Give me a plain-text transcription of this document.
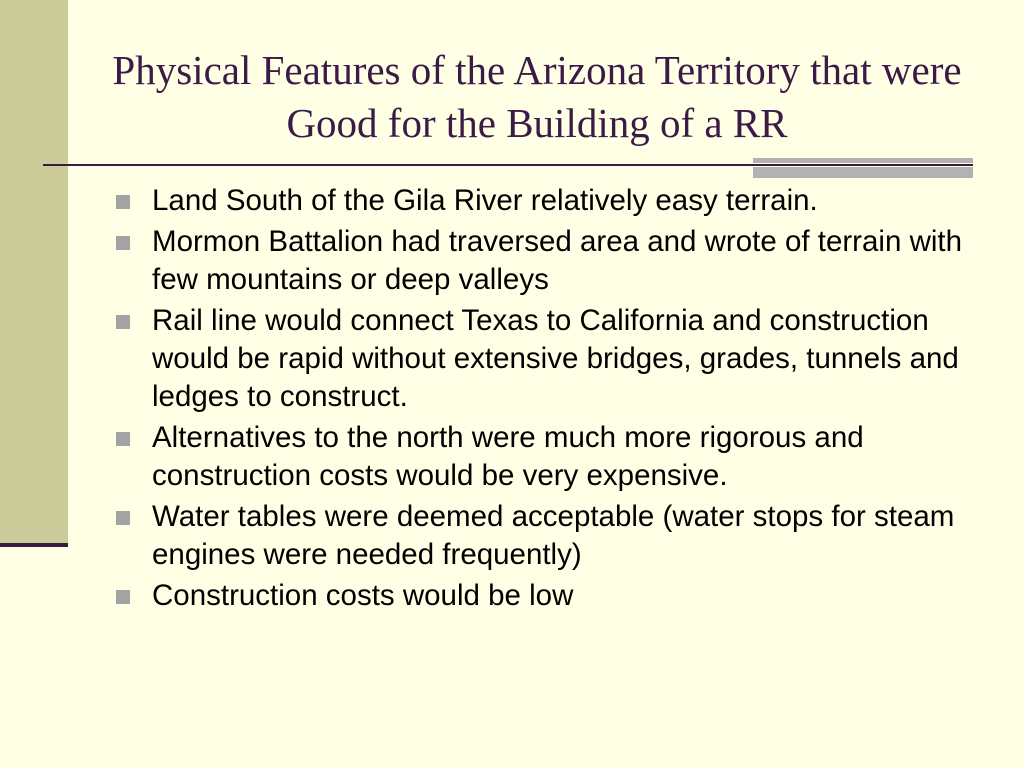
Physical Features of the Arizona Territory that were Good for the Building of a RR
Land South of the Gila River relatively easy terrain.
Mormon Battalion had traversed area and wrote of terrain with few mountains or deep valleys
Rail line would connect Texas to California and construction would be rapid without extensive bridges, grades, tunnels and ledges to construct.
Alternatives to the north were much more rigorous and construction costs would be very expensive.
Water tables were deemed acceptable (water stops for steam engines were needed frequently)
Construction costs would be low
